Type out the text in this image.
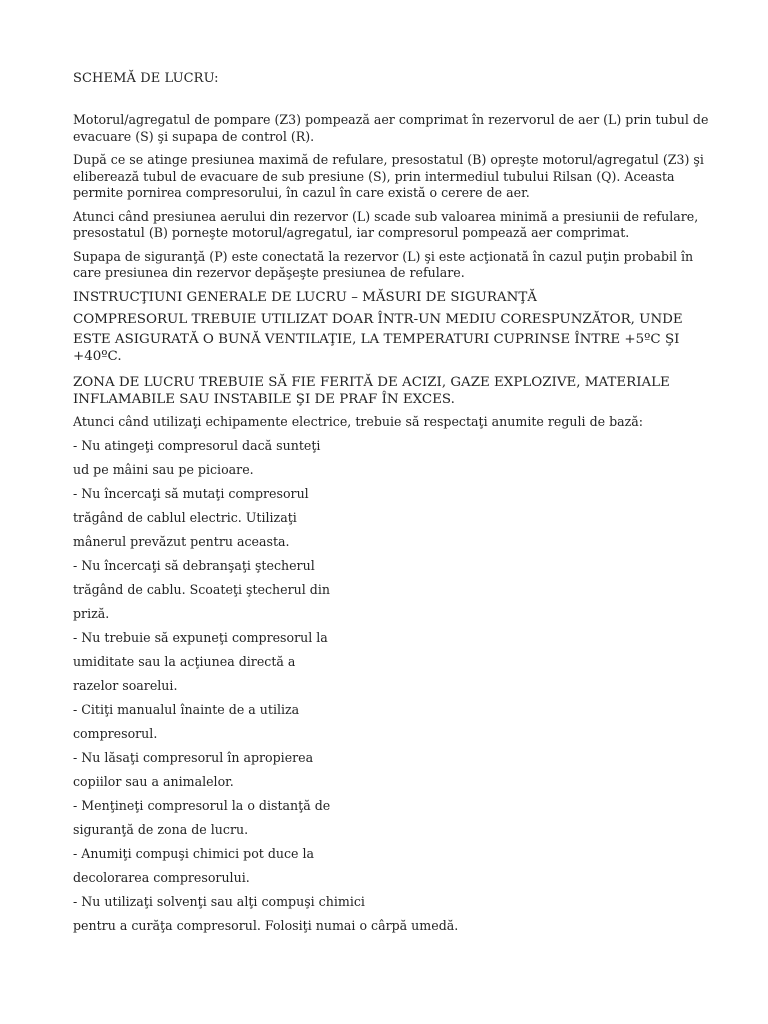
SCHEMĂ DE LUCRU:

Motorul/agregatul de pompare (Z3) pompează aer comprimat în rezervorul de aer (L) prin tubul de evacuare (S) şi supapa de control (R).

După ce se atinge presiunea maximă de refulare, presostatul (B) opreşte motorul/agregatul (Z3) şi eliberează tubul de evacuare de sub presiune (S), prin intermediul tubului Rilsan (Q). Aceasta permite pornirea compresorului, în cazul în care există o cerere de aer.

Atunci când presiunea aerului din rezervor (L) scade sub valoarea minimă a presiunii de refulare, presostatul (B) porneşte motorul/agregatul, iar compresorul pompează aer comprimat.

Supapa de siguranţă (P) este conectată la rezervor (L) şi este acţionată în cazul puţin probabil în care presiunea din rezervor depăşeşte presiunea de refulare.

INSTRUCŢIUNI GENERALE DE LUCRU – MĂSURI DE SIGURANŢĂ
COMPRESORUL TREBUIE UTILIZAT DOAR ÎNTR-UN MEDIU CORESPUNZĂTOR, UNDE
ESTE ASIGURATĂ O BUNĂ VENTILAŢIE, LA TEMPERATURI CUPRINSE ÎNTRE +5ºC ŞI +40ºC.
ZONA DE LUCRU TREBUIE SĂ FIE FERITĂ DE ACIZI, GAZE EXPLOZIVE, MATERIALE INFLAMABILE SAU INSTABILE ŞI DE PRAF ÎN EXCES.
Atunci când utilizaţi echipamente electrice, trebuie să respectaţi anumite reguli de bază:
- Nu atingeţi compresorul dacă sunteţi
ud pe mâini sau pe picioare.
- Nu încercaţi să mutaţi compresorul
trăgând de cablul electric. Utilizaţi
mânerul prevăzut pentru aceasta.
- Nu încercaţi să debranşaţi ştecherul
trăgând de cablu. Scoateţi ştecherul din
priză.
- Nu trebuie să expuneţi compresorul la
umiditate sau la acţiunea directă a
razelor soarelui.
- Citiţi manualul înainte de a utiliza
compresorul.
- Nu lăsaţi compresorul în apropierea
copiilor sau a animalelor.
- Menţineţi compresorul la o distanţă de
siguranţă de zona de lucru.
- Anumiţi compuşi chimici pot duce la
decolorarea compresorului.
- Nu utilizaţi solvenţi sau alţi compuşi chimici
pentru a curăţa compresorul. Folosiţi numai o cârpă umedă.
